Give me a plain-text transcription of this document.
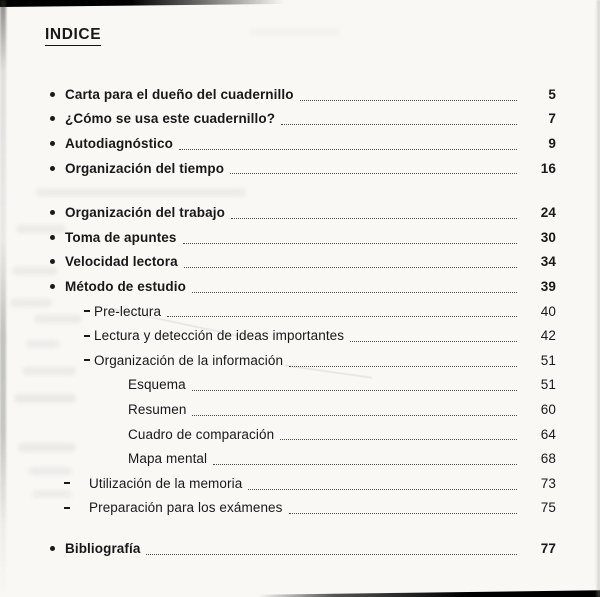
INDICE
Carta para el dueño del cuadernillo	5
¿Cómo se usa este cuadernillo?	7
Autodiagnóstico	9
Organización del tiempo	16
Organización del trabajo	24
Toma de apuntes	30
Velocidad lectora	34
Método de estudio	39
Pre-lectura	40
Lectura y detección de ideas importantes	42
Organización de la información	51
Esquema	51
Resumen	60
Cuadro de comparación	64
Mapa mental	68
Utilización de la memoria	73
Preparación para los exámenes	75
Bibliografía	77
